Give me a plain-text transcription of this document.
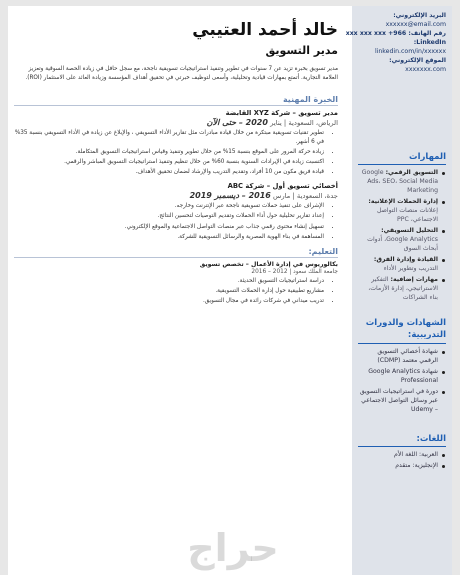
البريد الإلكتروني:

xxxxxx@email.com

رقم الهاتف: 966+ xxx xxx xxx

LinkedIn:

linkedin.com/in/xxxxxx

الموقع الإلكتروني:

xxxxxxx.com

المهارات
التسويق الرقمي: Google Ads، SEO، Social Media Marketing
إدارة الحملات الإعلانية: إعلانات منصات التواصل الاجتماعي، PPC
التحليل التسويقي: Google Analytics، أدوات أبحاث السوق
القيادة وإدارة الفرق: التدريب وتطوير الأداء
مهارات إضافية: التفكير الاستراتيجي، إدارة الأزمات، بناء الشراكات
الشهادات والدورات التدريبية:
شهادة أخصائي التسويق الرقمي معتمد (CDMP)
شهادة Google Analytics Professional
دورة في استراتيجيات التسويق عبر وسائل التواصل الاجتماعي – Udemy
اللغات:
العربية: اللغة الأم
الإنجليزية: متقدم
خالد أحمد العتيبي
مدير التسويق

مدير تسويق بخبرة تزيد عن 7 سنوات في تطوير وتنفيذ استراتيجيات تسويقية ناجحة، مع سجل حافل في زيادة الحصة السوقية وتعزيز العلامة التجارية. أتمتع بمهارات قيادية وتحليلية، وأسعى لتوظيف خبرتي في تحقيق أهداف المؤسسة وزيادة العائد على الاستثمار (ROI).

الخبرة المهنية

مدير تسويق – شركة XYZ القابضة

الرياض، السعودية | يناير 2020 – حتى الآن

• تطوير تقنيات تسويقية مبتكرة من خلال قيادة مبادرات مثل تقارير الأداء التسويقي ، والإبلاغ عن زيادة في الأداء التسويقي بنسبة 35% في 6 أشهر.
• زيادة حركة المرور على الموقع بنسبة 15% من خلال تطوير وتنفيذ وقياس استراتيجيات التسويق المتكاملة.
• اكتسبت زيادة في الإيرادات السنوية بنسبة 60% من خلال تنظيم وتنفيذ استراتيجيات التسويق المباشر والرقمي.
• قيادة فريق مكون من 10 أفراد، وتقديم التدريب والإرشاد لضمان تحقيق الأهداف.

أخصائي تسويق أول – شركة ABC

جدة، السعودية | مارس 2016 – ديسمبر 2019

• الإشراف على تنفيذ حملات تسويقية ناجحة عبر الإنترنت وخارجه.
• إعداد تقارير تحليلية حول أداء الحملات وتقديم التوصيات لتحسين النتائج.
• تسهيل إنشاء محتوى رقمي جذاب عبر منصات التواصل الاجتماعية والموقع الإلكتروني.
• المساهمة في بناء الهوية المصرية والرسائل التسويقية للشركة.
التعليم:

بكالوريوس في إدارة الأعمال – تخصص تسويق

جامعة الملك سعود | 2012 – 2016

• دراسة استراتيجيات التسويق الحديثة.
• مشاريع تطبيقية حول إدارة الحملات التسويقية.
• تدريب ميداني في شركات رائدة في مجال التسويق.
حراج
